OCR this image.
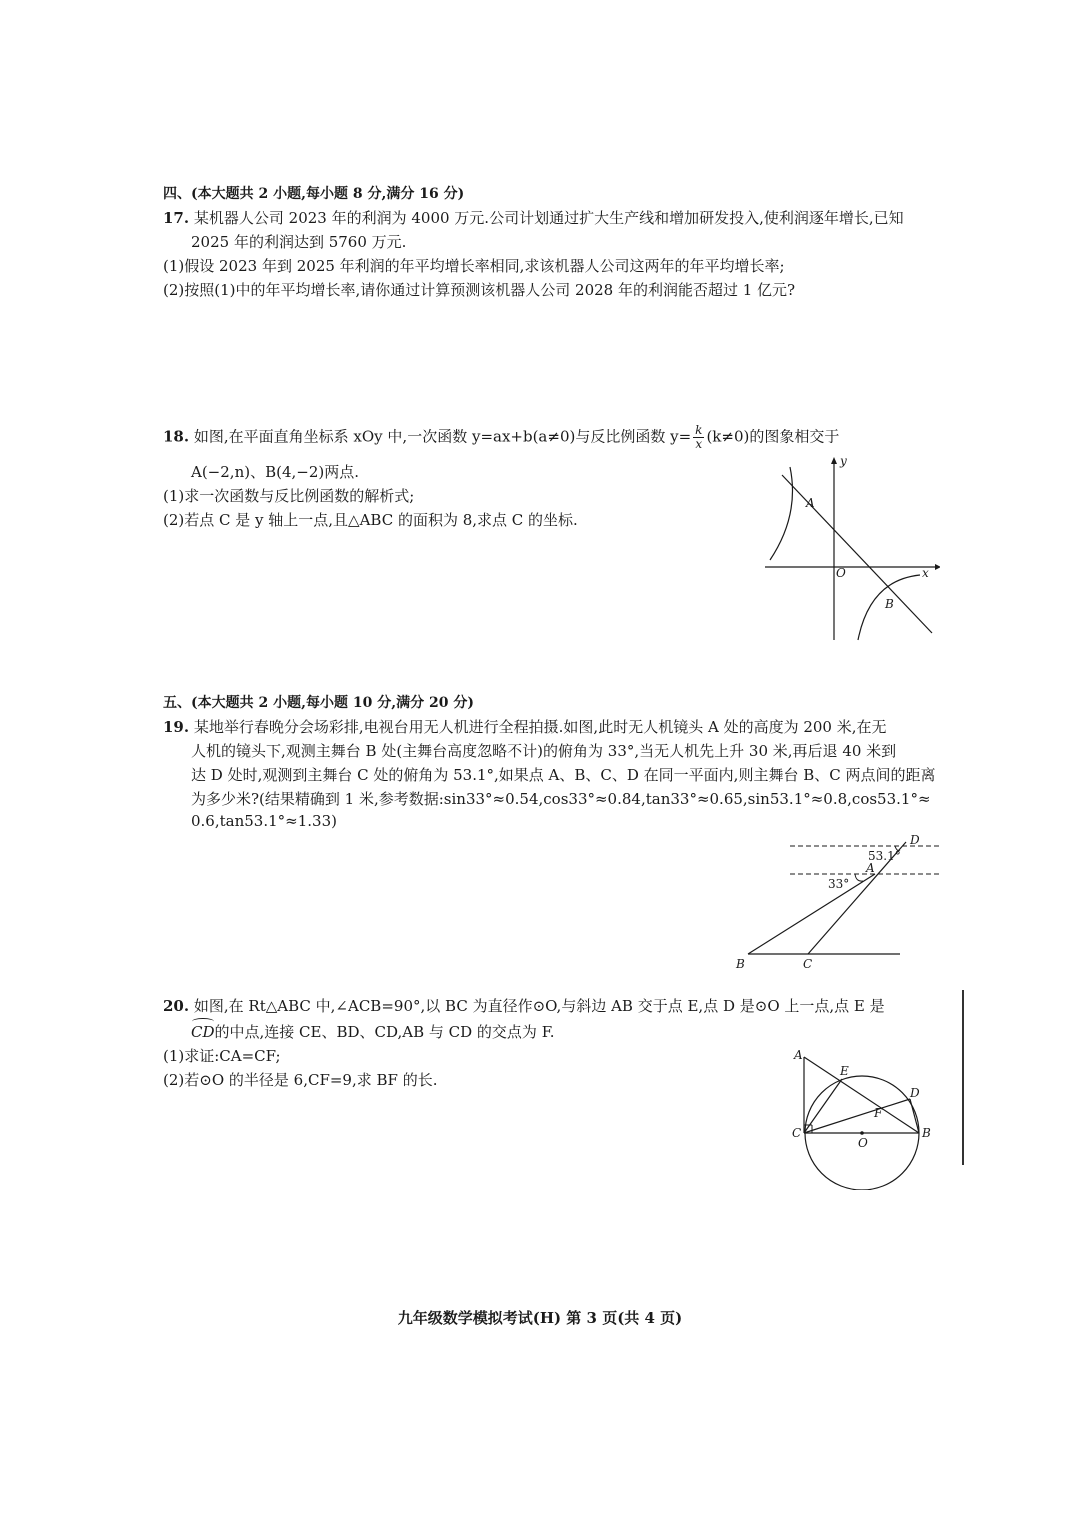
四、(本大题共 2 小题,每小题 8 分,满分 16 分)
17. 某机器人公司 2023 年的利润为 4000 万元.公司计划通过扩大生产线和增加研发投入,使利润逐年增长,已知
2025 年的利润达到 5760 万元.
(1)假设 2023 年到 2025 年利润的年平均增长率相同,求该机器人公司这两年的年平均增长率;
(2)按照(1)中的年平均增长率,请你通过计算预测该机器人公司 2028 年的利润能否超过 1 亿元?
18. 如图,在平面直角坐标系 xOy 中,一次函数 y=ax+b(a≠0)与反比例函数 $y= \frac{k}{x} (k\ne 0)$的图象相交于
A(−2,n)、B(4,−2)两点.
(1)求一次函数与反比例函数的解析式;
(2)若点 C 是 y 轴上一点,且△ABC 的面积为 8,求点 C 的坐标.
y
x
O
A
B
五、(本大题共 2 小题,每小题 10 分,满分 20 分)
19. 某地举行春晚分会场彩排,电视台用无人机进行全程拍摄.如图,此时无人机镜头 A 处的高度为 200 米,在无
人机的镜头下,观测主舞台 B 处(主舞台高度忽略不计)的俯角为 33°,当无人机先上升 30 米,再后退 40 米到
达 D 处时,观测到主舞台 C 处的俯角为 53.1°,如果点 A、B、C、D 在同一平面内,则主舞台 B、C 两点间的距离
为多少米?(结果精确到 1 米,参考数据:sin33°≈0.54,cos33°≈0.84,tan33°≈0.65,sin53.1°≈0.8,cos53.1°≈
0.6,tan53.1°≈1.33)
D
A
B	C
53.1°
33°
20. 如图,在 Rt△ABC 中,∠ACB=90°,以 BC 为直径作⊙O,与斜边 AB 交于点 E,点 D 是⊙O 上一点,点 E 是
CD的中点,连接 CE、BD、CD,AB 与 CD 的交点为 F.
(1)求证:CA=CF;
(2)若⊙O 的半径是 6,CF=9,求 BF 的长.
A
E
D
F
C
O
B
九年级数学模拟考试(H) 第 3 页(共 4 页)
